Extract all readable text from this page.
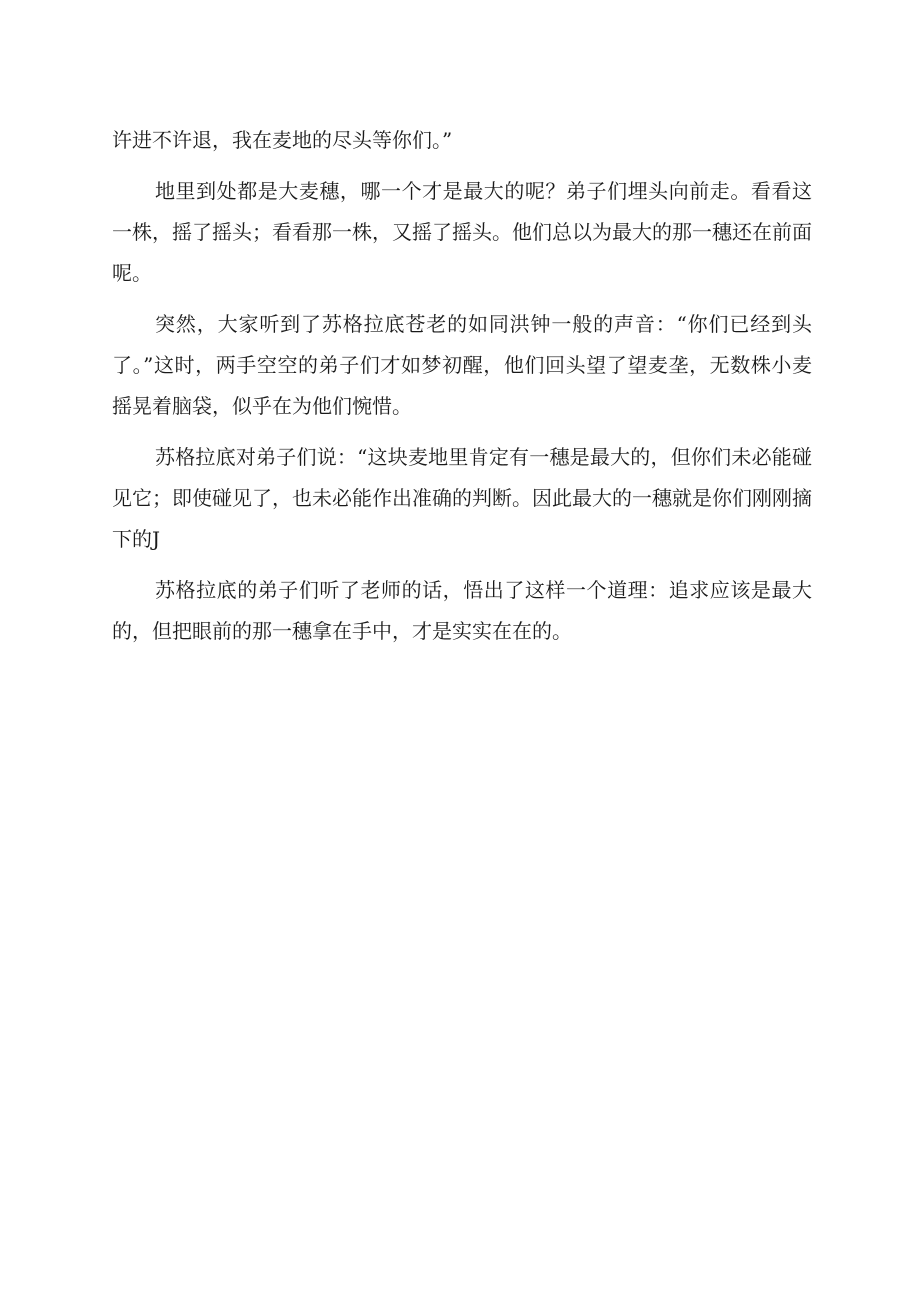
许进不许退，我在麦地的尽头等你们。”

地里到处都是大麦穗，哪一个才是最大的呢？弟子们埋头向前走。看看这一株，摇了摇头；看看那一株，又摇了摇头。他们总以为最大的那一穗还在前面呢。

突然，大家听到了苏格拉底苍老的如同洪钟一般的声音：“你们已经到头了。”这时，两手空空的弟子们才如梦初醒，他们回头望了望麦垄，无数株小麦摇晃着脑袋，似乎在为他们惋惜。

苏格拉底对弟子们说：“这块麦地里肯定有一穗是最大的，但你们未必能碰见它；即使碰见了，也未必能作出准确的判断。因此最大的一穗就是你们刚刚摘下的J

苏格拉底的弟子们听了老师的话，悟出了这样一个道理：追求应该是最大的，但把眼前的那一穗拿在手中，才是实实在在的。
